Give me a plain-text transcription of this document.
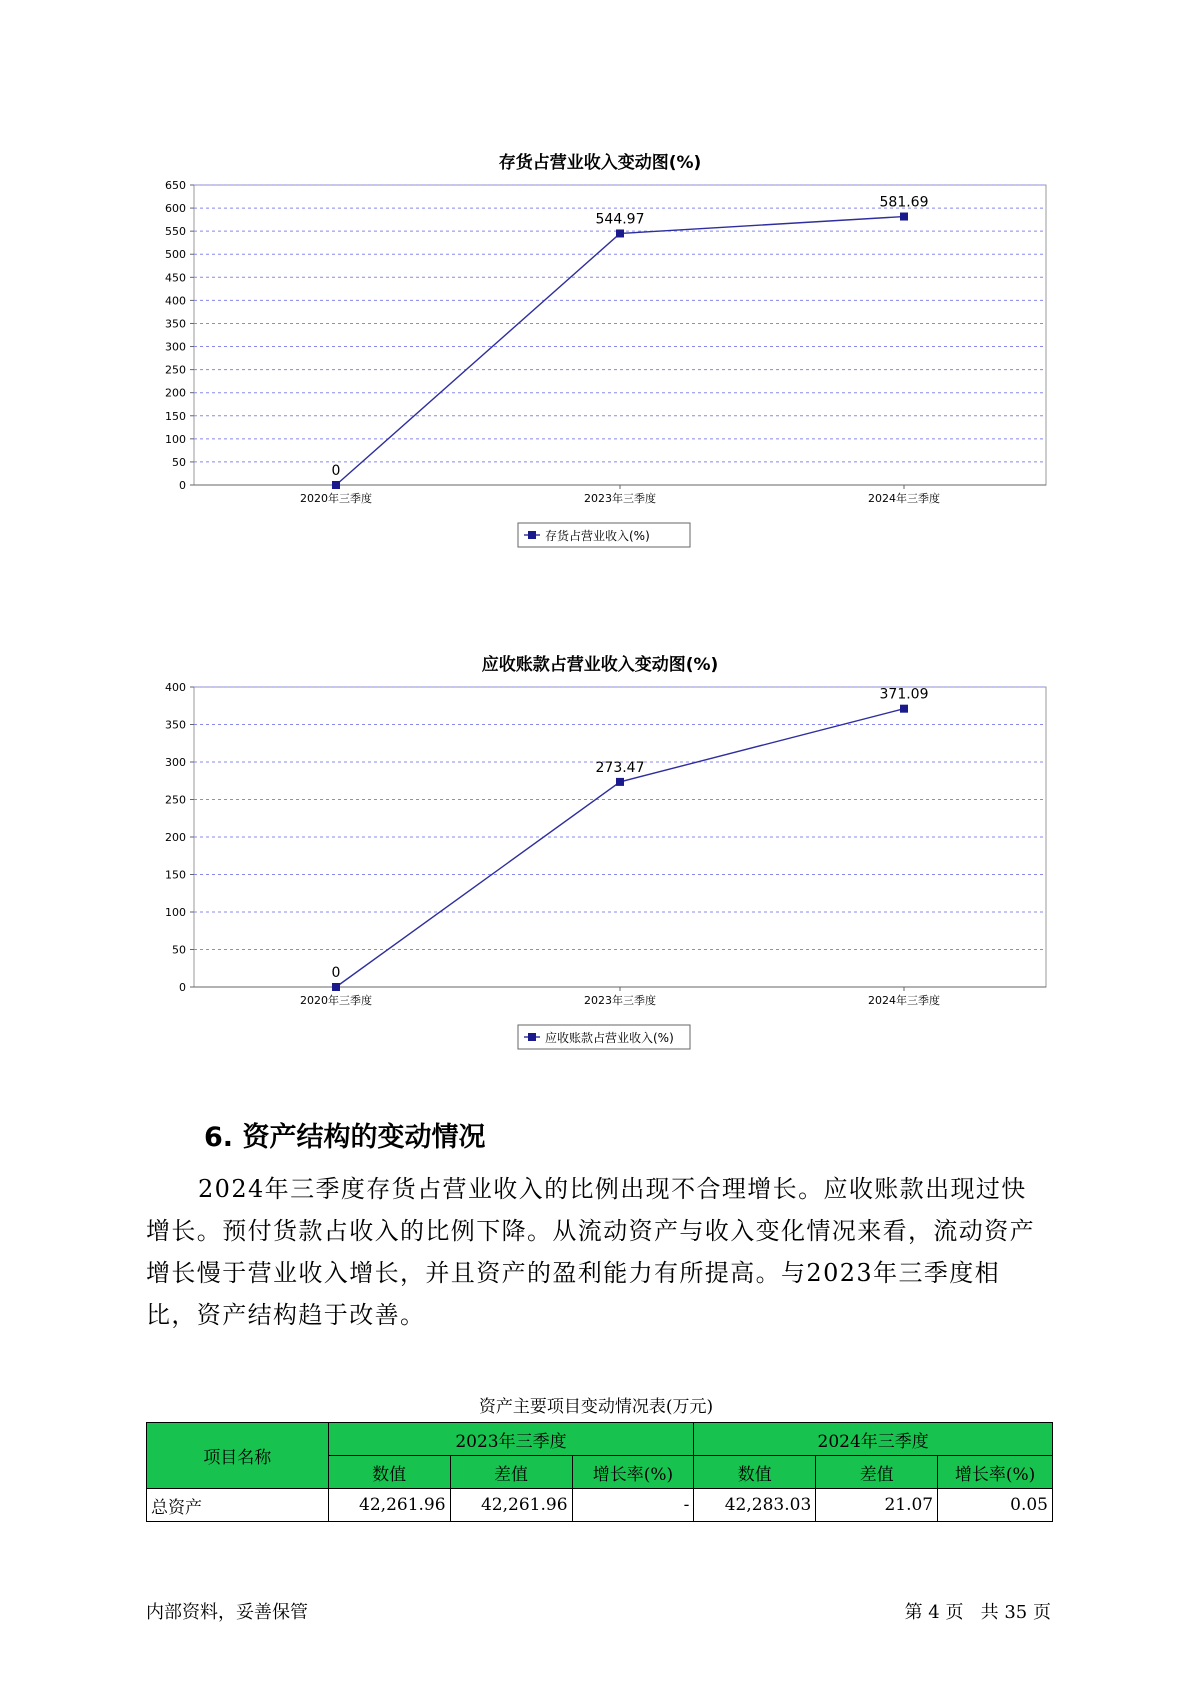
存货占营业收入变动图(%)
0
50
100
150
200
250
300
350
400
450
500
550
600
650
2020年三季度	2023年三季度	2024年三季度
0
544.97
581.69
存货占营业收入(%)
应收账款占营业收入变动图(%)
0
50
100
150
200
250
300
350
400
2020年三季度	2023年三季度	2024年三季度
0
273.47
371.09
应收账款占营业收入(%)
6. 资产结构的变动情况

2024年三季度存货占营业收入的比例出现不合理增长。应收账款出现过快增长。预付货款占收入的比例下降。从流动资产与收入变化情况来看，流动资产增长慢于营业收入增长，并且资产的盈利能力有所提高。与2023年三季度相比，资产结构趋于改善。

资产主要项目变动情况表(万元)
项目名称	2023年三季度			2024年三季度		
	数值	差值	增长率(%)	数值	差值	增长率(%)
总资产	42,261.96	42,261.96	-	42,283.03	21.07	0.05
内部资料，妥善保管	第 4 页   共 35 页
